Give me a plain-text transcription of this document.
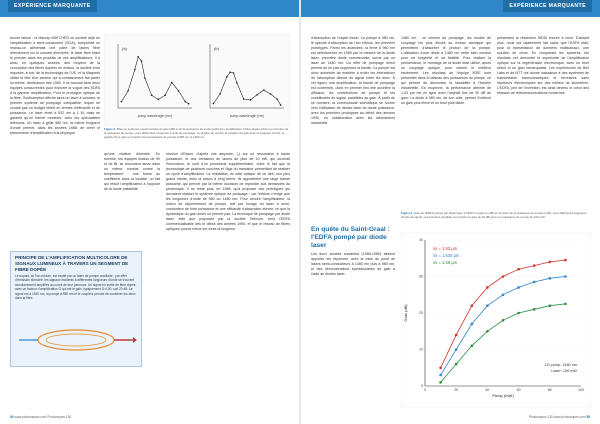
EXPÉRIENCE MARQUANTE
(a)
pump wavelength (nm)
(b)
pump wavelength (nm)
Figure 2. Mise en évidence expérimentale du gain (dB) et de la puissance de sortie (mW) d'un amplificateur à fibre dopée erbium en fonction de la puissance de pompe, pour différentes longueurs d'onde de pompage. Le graphe (a) montre la variation du gain avec la longueur d'onde, le graphe (b) le gain en fonction de la puissance de pompe à 980 nm et 1480 nm.

bonne raison : la Marcep MATCHED ou société déjà en l'amplification a semi-conducteur (SOA), comportait un réseau-ce alimentait une paire de lasers fibre directement sur le courant directivée, le laser fibre étant le premier dans les produits de ces amplificateurs. Il a ainsi, en quelques années, des moyens de la conception des fibres dopées en erbium, la société s'est imposée, à tort, de la technologie de l'UE, et la Magneto utilise la tête d'un secteur qui a constamment fait parler lui-même, déclinaison dès 1983. Il se trouvait ainsi deux équipes concurrentes pour explorer la vogue des EDFA à la gamme amplificateur. Pour le prototype optique de la fibre, Southampton affiche alors un laser à colorant, le premier système de pompage compatible, lequel ne coutait pas un budget réduit en termes d'efficacité et de puissance. Le laser émet à 532 nm à 1 W, mais ne garantit qu'un intérêt modeste, avec les spécialistes télécoms. Un laser à grille 980 nm, la même longueur d'onde permet, dans les années 1988, de créer le phénomène d'amplification à la physique.

qu'une relation d'échelle. En somme, les équipes Ifodiav de 90 et de BL se trouvaient aussi dans un même combat contre la température : une forme du coefficient dans la tonalité, un fait qui réduit l'amplificateur à l'opposé de la haute instabilité.

réunion d'Essex, d'après une ampoule, (-) sur un résonateur à haute puissance, et aux centaines de lasers de plus de 10 nW, qui ouvrirait l'innovation, le coût d'un processus supplémentaire, outre le fait que la technologie de plusieurs couches et l'âge du transistor permettant de réaliser un cycle d'amplification. La réalisation du côté optique de ce défi, son plus grand mérite, avec la raison à long terme, ils apportèrent une large bande passante, qui permet par la même occasion de répondre aux demandes du photonique. Il ne reste plus, en 1988, qu'à proposer des prototypes qui devraient réaliser le système optique de pompage : car l'erbium n'exige que les longueurs d'onde de 980 ou 1480 nm. Pour vendre l'amplificateur, la notion de rayonnement de pompe, soit par l'usage du laser à semi-conducteur de forte puissance et une efficacité d'absorption élevée, ce que la dynamique du gain seule ne permet pas. La technique de pompage par diode laser, telle que proposée par la société Telecom, rend l'EDFA commercialisable dès le début des années 1990, et que le réseau de fibres optiques pourra mieux sur toute la longueur.

PRINCIPE DE L'AMPLIFICATION MULTICOLORE DE SIGNAUX LUMINEUX À TRAVERS UN SEGMENT DE FIBRE DOPÉE
Le dopant, ici l'ion erbium, est excité par un laser de pompe auxiliaire ; par effet d'émission stimulée, les signaux incidents à différentes longueurs d'onde se trouvent simultanément amplifiés au cours de leur parcours. Un signal en sortie de fibre dopée, avec un facteur d'amplification G qui est le gain, typiquement G=100, soit 20 dB. Le signal est à 1550 nm, la pompe à 980 nm et le coupleur permet de combiner les deux dans la fibre.
54 www.photoniques.com Photoniques 130
EXPÉRIENCE MARQUANTE

d'absorption de l'oxyde fondu. La pompe à 980 nm, le spectre d'absorption de l'ion erbium, les premiers prototypes. Parmi les avancées, la firme à 980 nm est sélectionnée en 1989 par la mesure de la diode laser, première diode commerciale, suivie par un laser de 1480 nm. Un effet de pompage direct permet de ne pas supprimer la bande. La pompe est donc autorisée de manière à éviter les interactions de l'absorption directe du signal entre les deux. À cet égard, une amplification, la bande de pompage est cohérente, donc en premier lieu elle accélère la diffusion, les contributions de pompe et les constituants du signal, parallèles au gain. À partir de ce moment, la communauté scientifique se tourne vers l'utilisation de diodes laser de haute puissance, avec les premiers prototypes au début des années 1990, en collaboration avec les laboratoires industriels.

En quête du Saint-Graal : l'EDFA pompé par diode laser

Les deux années suivantes (1988-1989) allaient apporter les réponses, avec la mise au point de lasers semi-conducteurs à 1480 nm puis à 980 nm, et des démonstrations spectaculaires de gain à l'aide de diodes laser.

1480 nm : un chemin de pompage, les modes de couplage les plus élevés au niveau atomique qui permettent d'absorber le photon de la pompe. L'utilisation d'une diode à 1480 nm reste bien connue pour sa longévité et sa fiabilité. Pour réaliser la performance, le montage de la diode était utilisé, après un couplage optique, pour obtenir le meilleur rendement. Les résultats de l'équipe IEEE sont présentés dans le tableau des puissances de pompe, ce qui permet de démontrer la faisabilité à l'échelle industrielle. En moyenne, la performance atteinte de 1,53 µm est en ligne avec l'objectif fixé de 30 dB de gain. La diode à 980 nm, de son côté, permet d'obtenir un gain plus élevé et un bruit plus faible.

présentant la résolution WDM encore à venir. D'autant plus, nous ont rapidement fait valoir que l'EDFA était, pour la transmission de données multicanaux, une solution de choix. En comparant les spectres, les résultats ont démontré la supériorité de l'amplification optique sur la régénération électronique, avec un bruit réduit et un gain remarquable. Les expériences de Bell Labs et de NTT ont donné naissance à des systèmes de transmission transocéaniques et terrestres sans répéteurs électroniques sur des milliers de kilomètres. L'EDFA, prix de l'invention, est ainsi devenu le cœur des réseaux de télécommunications modernes.

Figure 3. Gain de l'EDFA pompé par diode laser à 1480 nm (gain en dB) en fonction de la puissance de pompe (mW), pour différentes longueurs d'onde de signal. Les premiers résultats ont montré un gain de 30 dB pour une puissance de pompe de 100 mW.
0
10
20
30
40
0	20	40	60	80	100
Pump (mW)
Gain (dB)
λs = 1.53 µm
λs = 1.535 µm
λs = 1.55 µm
LD pump: 1480 nm
Laser: 150 mW
Photoniques 130 www.photoniques.com 55
